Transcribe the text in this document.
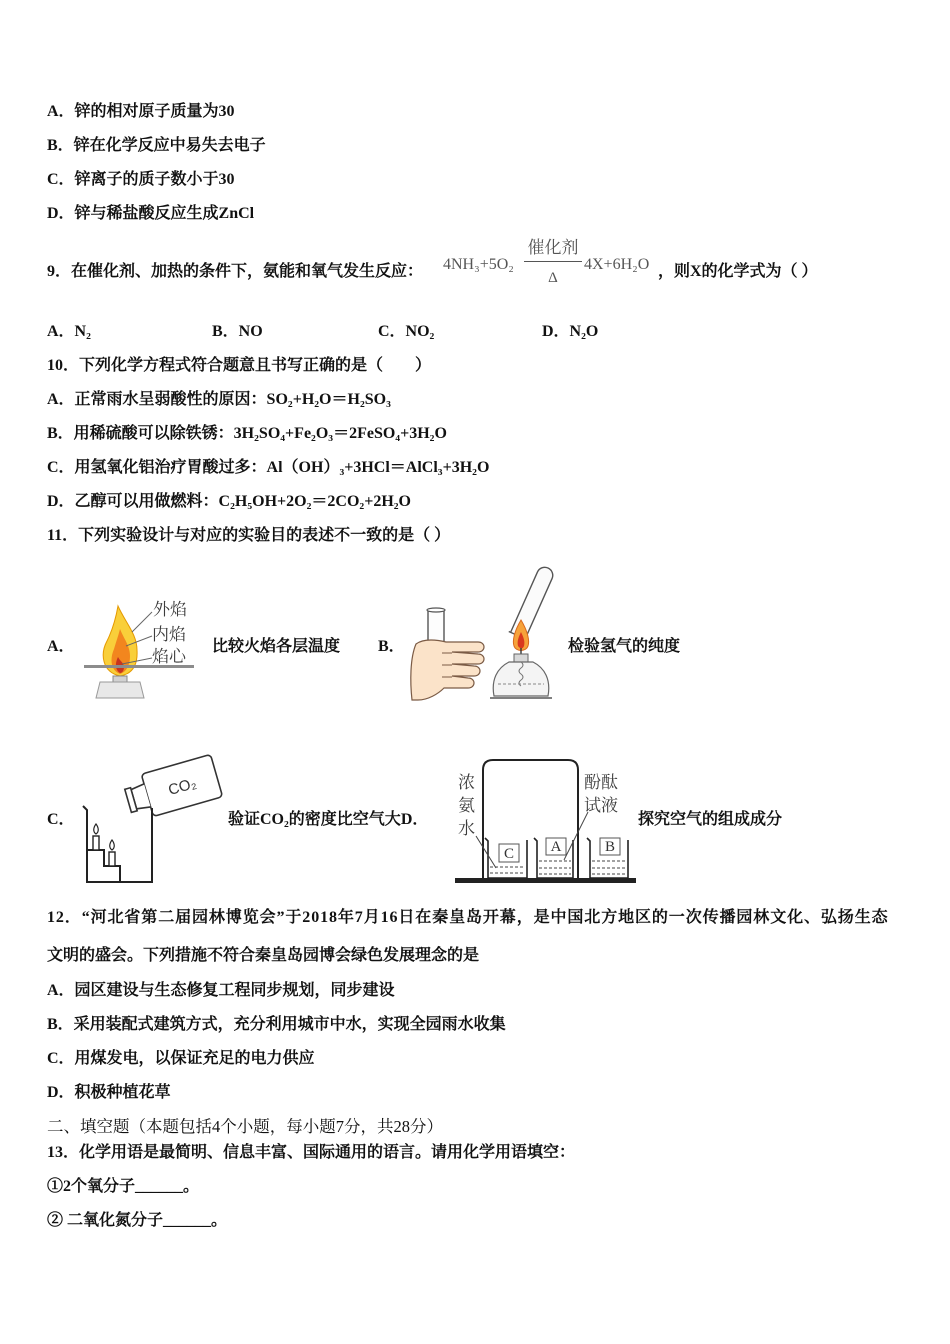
A．锌的相对原子质量为30
B．锌在化学反应中易失去电子
C．锌离子的质子数小于30
D．锌与稀盐酸反应生成ZnCl
9．在催化剂、加热的条件下，氨能和氧气发生反应： 4NH₃+5O₂
催化剂
Δ
4X+6H₂O ，则X的化学式为（ ）
A．N₂	B．NO	C．NO₂	D．N₂O
10．下列化学方程式符合题意且书写正确的是（　　）
A．正常雨水呈弱酸性的原因：SO₂+H₂O＝H₂SO₃
B．用稀硫酸可以除铁锈：3H₂SO₄+Fe₂O₃＝2FeSO₄+3H₂O
C．用氢氧化铝治疗胃酸过多：Al（OH）₃+3HCl＝AlCl₃+3H₂O
D．乙醇可以用做燃料：C₂H₅OH+2O₂＝2CO₂+2H₂O
11．下列实验设计与对应的实验目的表述不一致的是（ ）
A．
外焰
内焰
焰心
比较火焰各层温度 B．	检验氢气的纯度
C．
CO₂
验证CO₂的密度比空气大 D．
C A	B
浓氨水
酚酞试液
探究空气的组成成分
12．“河北省第二届园林博览会”于2018年7月16日在秦皇岛开幕，是中国北方地区的一次传播园林文化、弘扬生态
文明的盛会。下列措施不符合秦皇岛园博会绿色发展理念的是
A．园区建设与生态修复工程同步规划，同步建设
B．采用装配式建筑方式，充分利用城市中水，实现全园雨水收集
C．用煤发电，以保证充足的电力供应
D．积极种植花草
二、填空题（本题包括4个小题，每小题7分，共28分）
13．化学用语是最简明、信息丰富、国际通用的语言。请用化学用语填空：
①2个氧分子______。
② 二氧化氮分子______。
